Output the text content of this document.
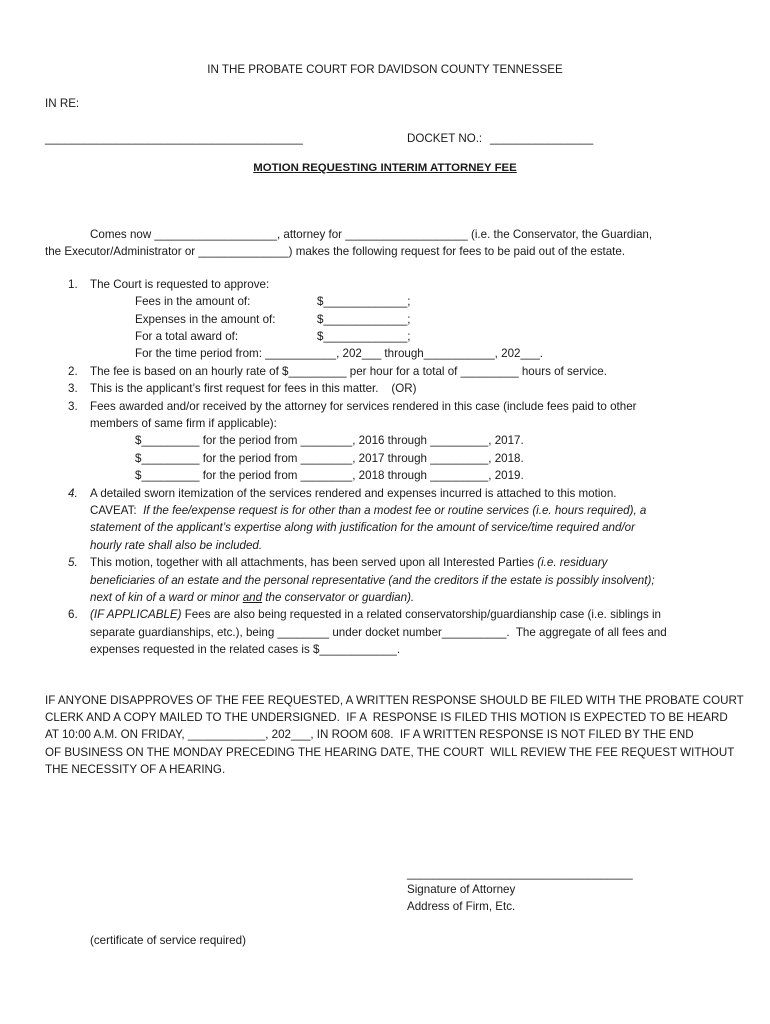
IN THE PROBATE COURT FOR DAVIDSON COUNTY TENNESSEE
IN RE:
________________________________________	DOCKET NO.: ________________
MOTION REQUESTING INTERIM ATTORNEY FEE
Comes now ___________________, attorney for ___________________ (i.e. the Conservator, the Guardian,
the Executor/Administrator or ______________) makes the following request for fees to be paid out of the estate.
1. The Court is requested to approve:
Fees in the amount of:	$_____________;
Expenses in the amount of:	$_____________;
For a total award of:	$_____________;
For the time period from: ___________, 202___ through___________, 202___.
2. The fee is based on an hourly rate of $_________ per hour for a total of _________ hours of service.
3. This is the applicant’s first request for fees in this matter.    (OR)
3. Fees awarded and/or received by the attorney for services rendered in this case (include fees paid to other
members of same firm if applicable):
$_________ for the period from ________, 2016 through _________, 2017.
$_________ for the period from ________, 2017 through _________, 2018.
$_________ for the period from ________, 2018 through _________, 2019.
4. A detailed sworn itemization of the services rendered and expenses incurred is attached to this motion.
CAVEAT: If the fee/expense request is for other than a modest fee or routine services (i.e. hours required), a
statement of the applicant’s expertise along with justification for the amount of service/time required and/or
hourly rate shall also be included.
5. This motion, together with all attachments, has been served upon all Interested Parties (i.e. residuary
beneficiaries of an estate and the personal representative (and the creditors if the estate is possibly insolvent);
next of kin of a ward or minor and the conservator or guardian).
6. (IF APPLICABLE) Fees are also being requested in a related conservatorship/guardianship case (i.e. siblings in
separate guardianships, etc.), being ________ under docket number__________.  The aggregate of all fees and
expenses requested in the related cases is $____________.
IF ANYONE DISAPPROVES OF THE FEE REQUESTED, A WRITTEN RESPONSE SHOULD BE FILED WITH THE PROBATE COURT
CLERK AND A COPY MAILED TO THE UNDERSIGNED.  IF A  RESPONSE IS FILED THIS MOTION IS EXPECTED TO BE HEARD
AT 10:00 A.M. ON FRIDAY, ____________, 202___, IN ROOM 608.  IF A WRITTEN RESPONSE IS NOT FILED BY THE END
OF BUSINESS ON THE MONDAY PRECEDING THE HEARING DATE, THE COURT  WILL REVIEW THE FEE REQUEST WITHOUT
THE NECESSITY OF A HEARING.
___________________________________
Signature of Attorney
Address of Firm, Etc.
(certificate of service required)
